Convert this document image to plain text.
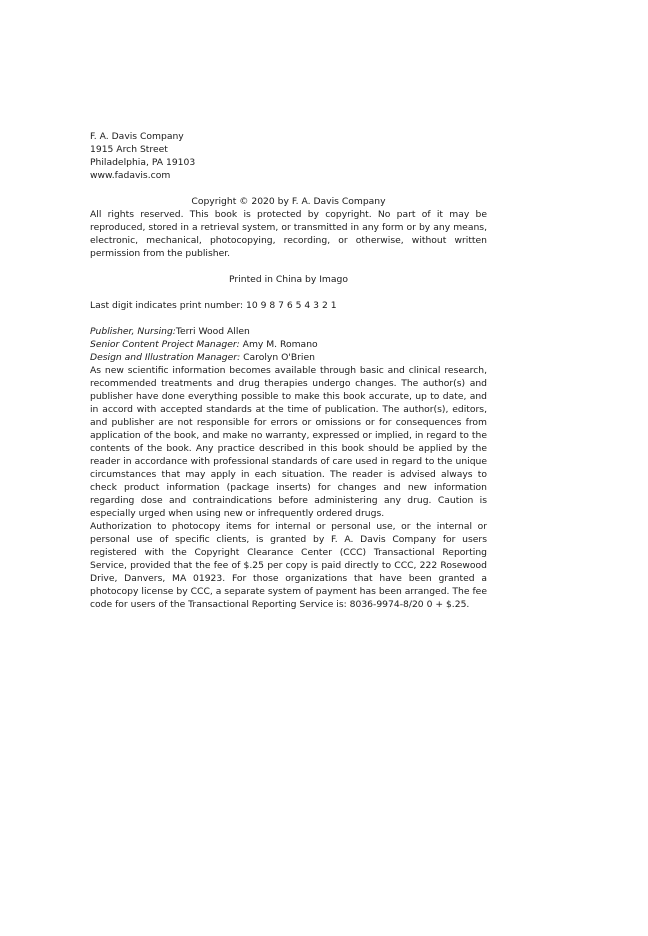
F. A. Davis Company

1915 Arch Street

Philadelphia, PA 19103

www.fadavis.com

Copyright © 2020 by F. A. Davis Company

All rights reserved. This book is protected by copyright. No part of it may be reproduced, stored in a retrieval system, or transmitted in any form or by any means, electronic, mechanical, photocopying, recording, or otherwise, without written permission from the publisher.

Printed in China by Imago

Last digit indicates print number: 10 9 8 7 6 5 4 3 2 1

Publisher, Nursing:Terri Wood Allen

Senior Content Project Manager: Amy M. Romano

Design and Illustration Manager: Carolyn O'Brien

As new scientific information becomes available through basic and clinical research, recommended treatments and drug therapies undergo changes. The author(s) and publisher have done everything possible to make this book accurate, up to date, and in accord with accepted standards at the time of publication. The author(s), editors, and publisher are not responsible for errors or omissions or for consequences from application of the book, and make no warranty, expressed or implied, in regard to the contents of the book. Any practice described in this book should be applied by the reader in accordance with professional standards of care used in regard to the unique circumstances that may apply in each situation. The reader is advised always to check product information (package inserts) for changes and new information regarding dose and contraindications before administering any drug. Caution is especially urged when using new or infrequently ordered drugs.

Authorization to photocopy items for internal or personal use, or the internal or personal use of specific clients, is granted by F. A. Davis Company for users registered with the Copyright Clearance Center (CCC) Transactional Reporting Service, provided that the fee of $.25 per copy is paid directly to CCC, 222 Rosewood Drive, Danvers, MA 01923. For those organizations that have been granted a photocopy license by CCC, a separate system of payment has been arranged. The fee code for users of the Transactional Reporting Service is: 8036-9974-8/20 0 + $.25.
